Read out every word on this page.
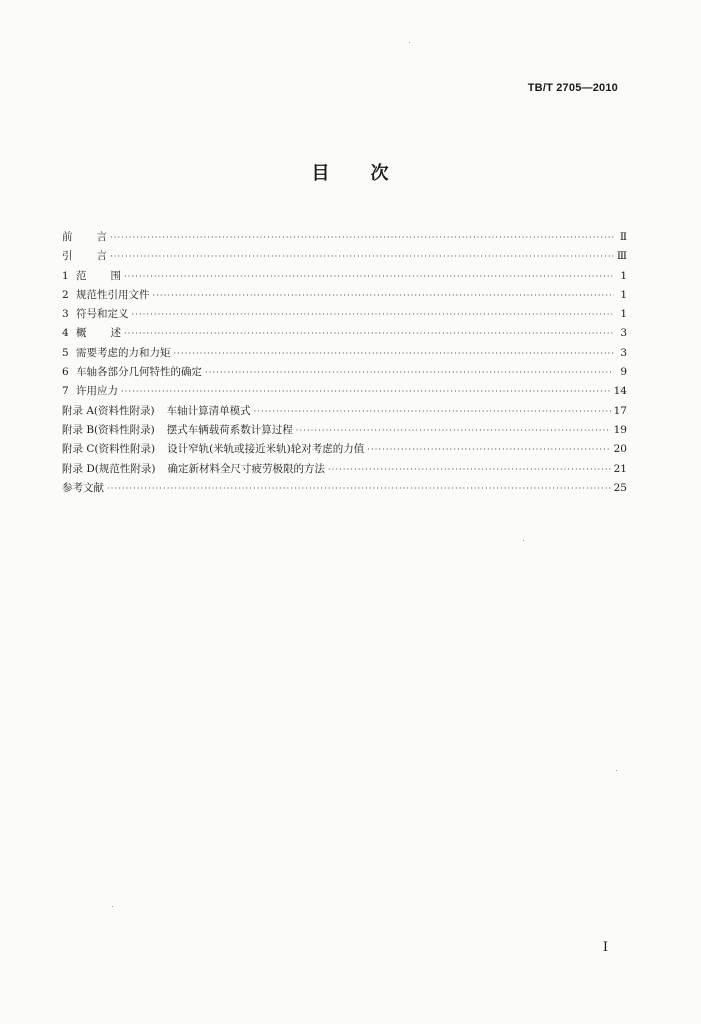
TB/T 2705—2010
目 次
前 言 ·····	Ⅱ
引 言 ·····	Ⅲ
1 范 围 ·····	1
2 规范性引用文件 ·····	1
3 符号和定义 ·····	1
4 概 述 ·····	3
5 需要考虑的力和力矩 ·····	3
6 车轴各部分几何特性的确定 ·····	9
7 许用应力 ·····	14
附录 A(资料性附录) 车轴计算清单模式 ·····	17
附录 B(资料性附录) 摆式车辆载荷系数计算过程 ·····	19
附录 C(资料性附录) 设计窄轨(米轨或接近米轨)轮对考虑的力值 ·····	20
附录 D(规范性附录) 确定新材料全尺寸疲劳极限的方法 ·····	21
参考文献 ·····	25
I
